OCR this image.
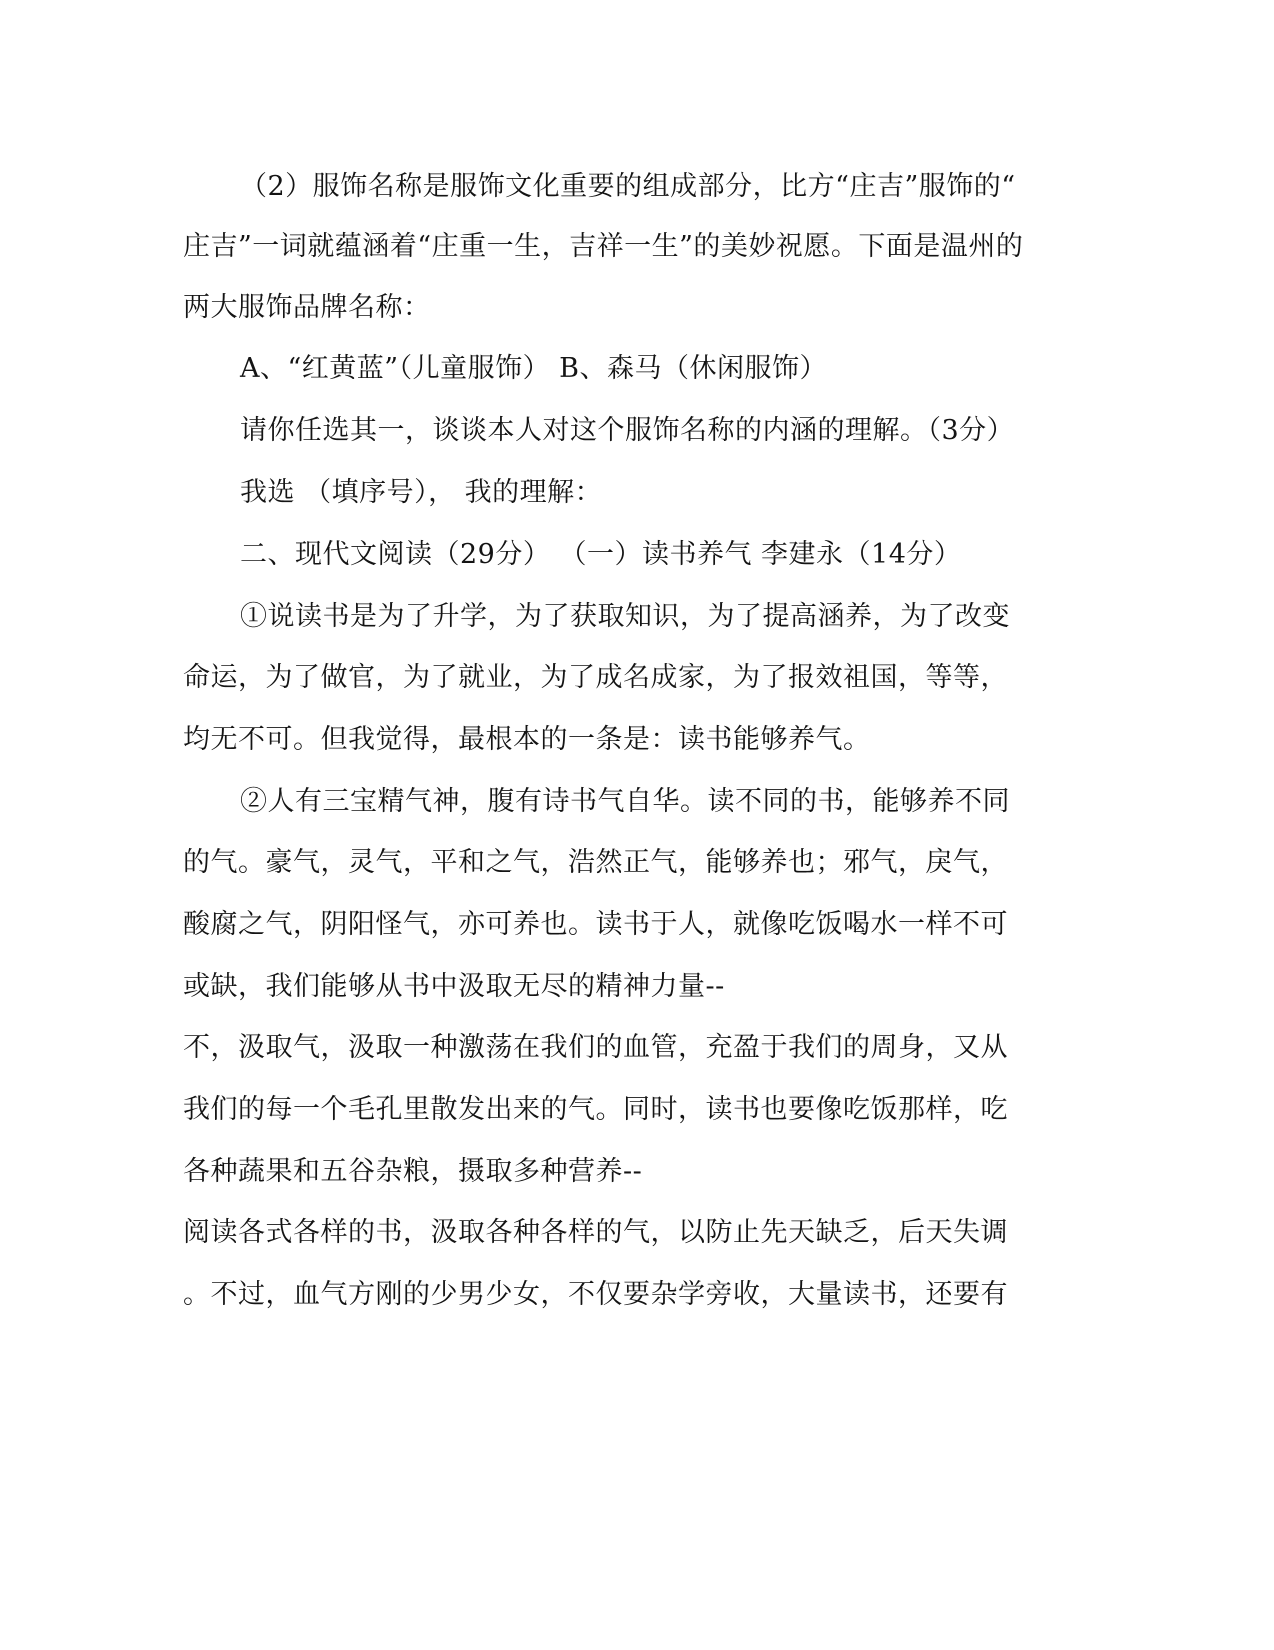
（2）服饰名称是服饰文化重要的组成部分，比方“庄吉”服饰的“
庄吉”一词就蕴涵着“庄重一生，吉祥一生”的美妙祝愿。下面是温州的
两大服饰品牌名称：
A、“红黄蓝”（儿童服饰） B、森马（休闲服饰）
请你任选其一，谈谈本人对这个服饰名称的内涵的理解。（3分）
我选 （填序号）， 我的理解：
二、现代文阅读（29分） （一）读书养气 李建永（14分）
①说读书是为了升学，为了获取知识，为了提高涵养，为了改变
命运，为了做官，为了就业，为了成名成家，为了报效祖国，等等，
均无不可。但我觉得，最根本的一条是：读书能够养气。
②人有三宝精气神，腹有诗书气自华。读不同的书，能够养不同
的气。豪气，灵气，平和之气，浩然正气，能够养也；邪气，戾气，
酸腐之气，阴阳怪气，亦可养也。读书于人，就像吃饭喝水一样不可
或缺，我们能够从书中汲取无尽的精神力量--
不，汲取气，汲取一种激荡在我们的血管，充盈于我们的周身，又从
我们的每一个毛孔里散发出来的气。同时，读书也要像吃饭那样，吃
各种蔬果和五谷杂粮，摄取多种营养--
阅读各式各样的书，汲取各种各样的气，以防止先天缺乏，后天失调
。不过，血气方刚的少男少女，不仅要杂学旁收，大量读书，还要有
